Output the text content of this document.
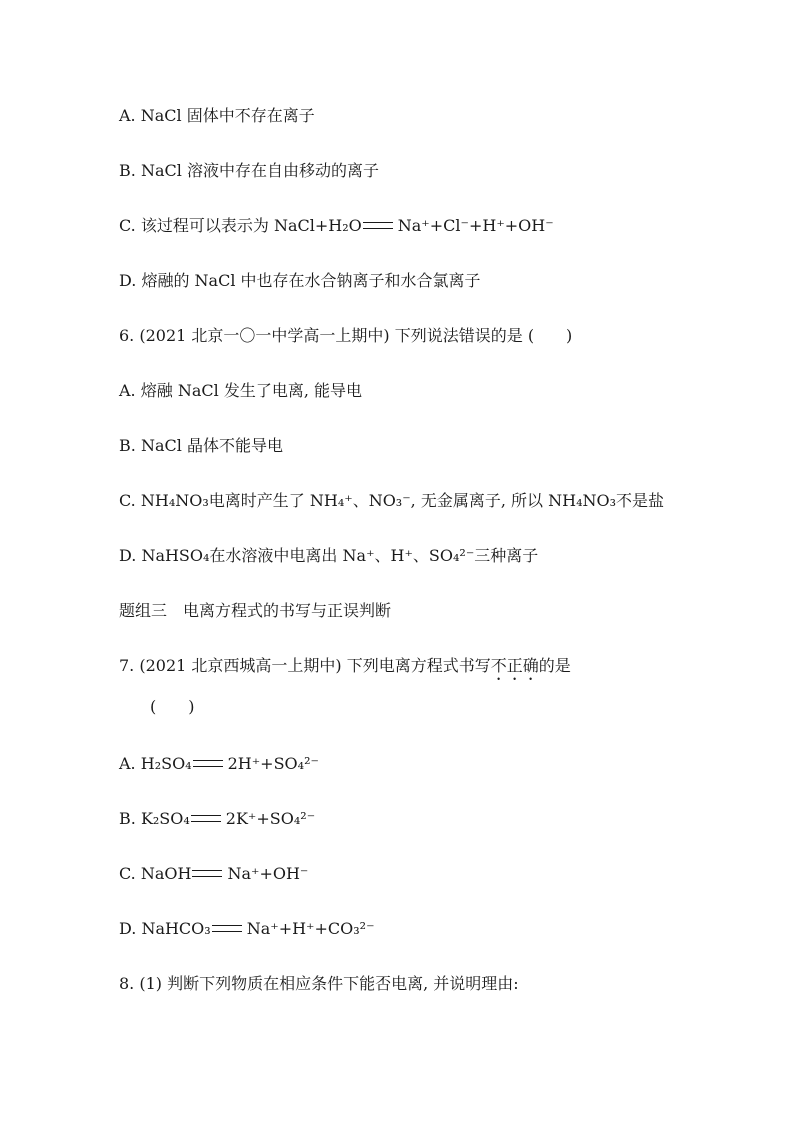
A. NaCl 固体中不存在离子
B. NaCl 溶液中存在自由移动的离子
C. 该过程可以表示为 NaCl+H₂O Na⁺+Cl⁻+H⁺+OH⁻
D. 熔融的 NaCl 中也存在水合钠离子和水合氯离子
6. (2021 北京一〇一中学高一上期中) 下列说法错误的是 (　　)
A. 熔融 NaCl 发生了电离, 能导电
B. NaCl 晶体不能导电
C. NH₄NO₃电离时产生了 NH₄⁺、NO₃⁻, 无金属离子, 所以 NH₄NO₃不是盐
D. NaHSO₄在水溶液中电离出 Na⁺、H⁺、SO₄²⁻三种离子
题组三　电离方程式的书写与正误判断
7. (2021 北京西城高一上期中) 下列电离方程式书写不正确的是
(　　)
A. H₂SO₄ 2H⁺+SO₄²⁻
B. K₂SO₄ 2K⁺+SO₄²⁻
C. NaOH Na⁺+OH⁻
D. NaHCO₃ Na⁺+H⁺+CO₃²⁻
8. (1) 判断下列物质在相应条件下能否电离, 并说明理由:
